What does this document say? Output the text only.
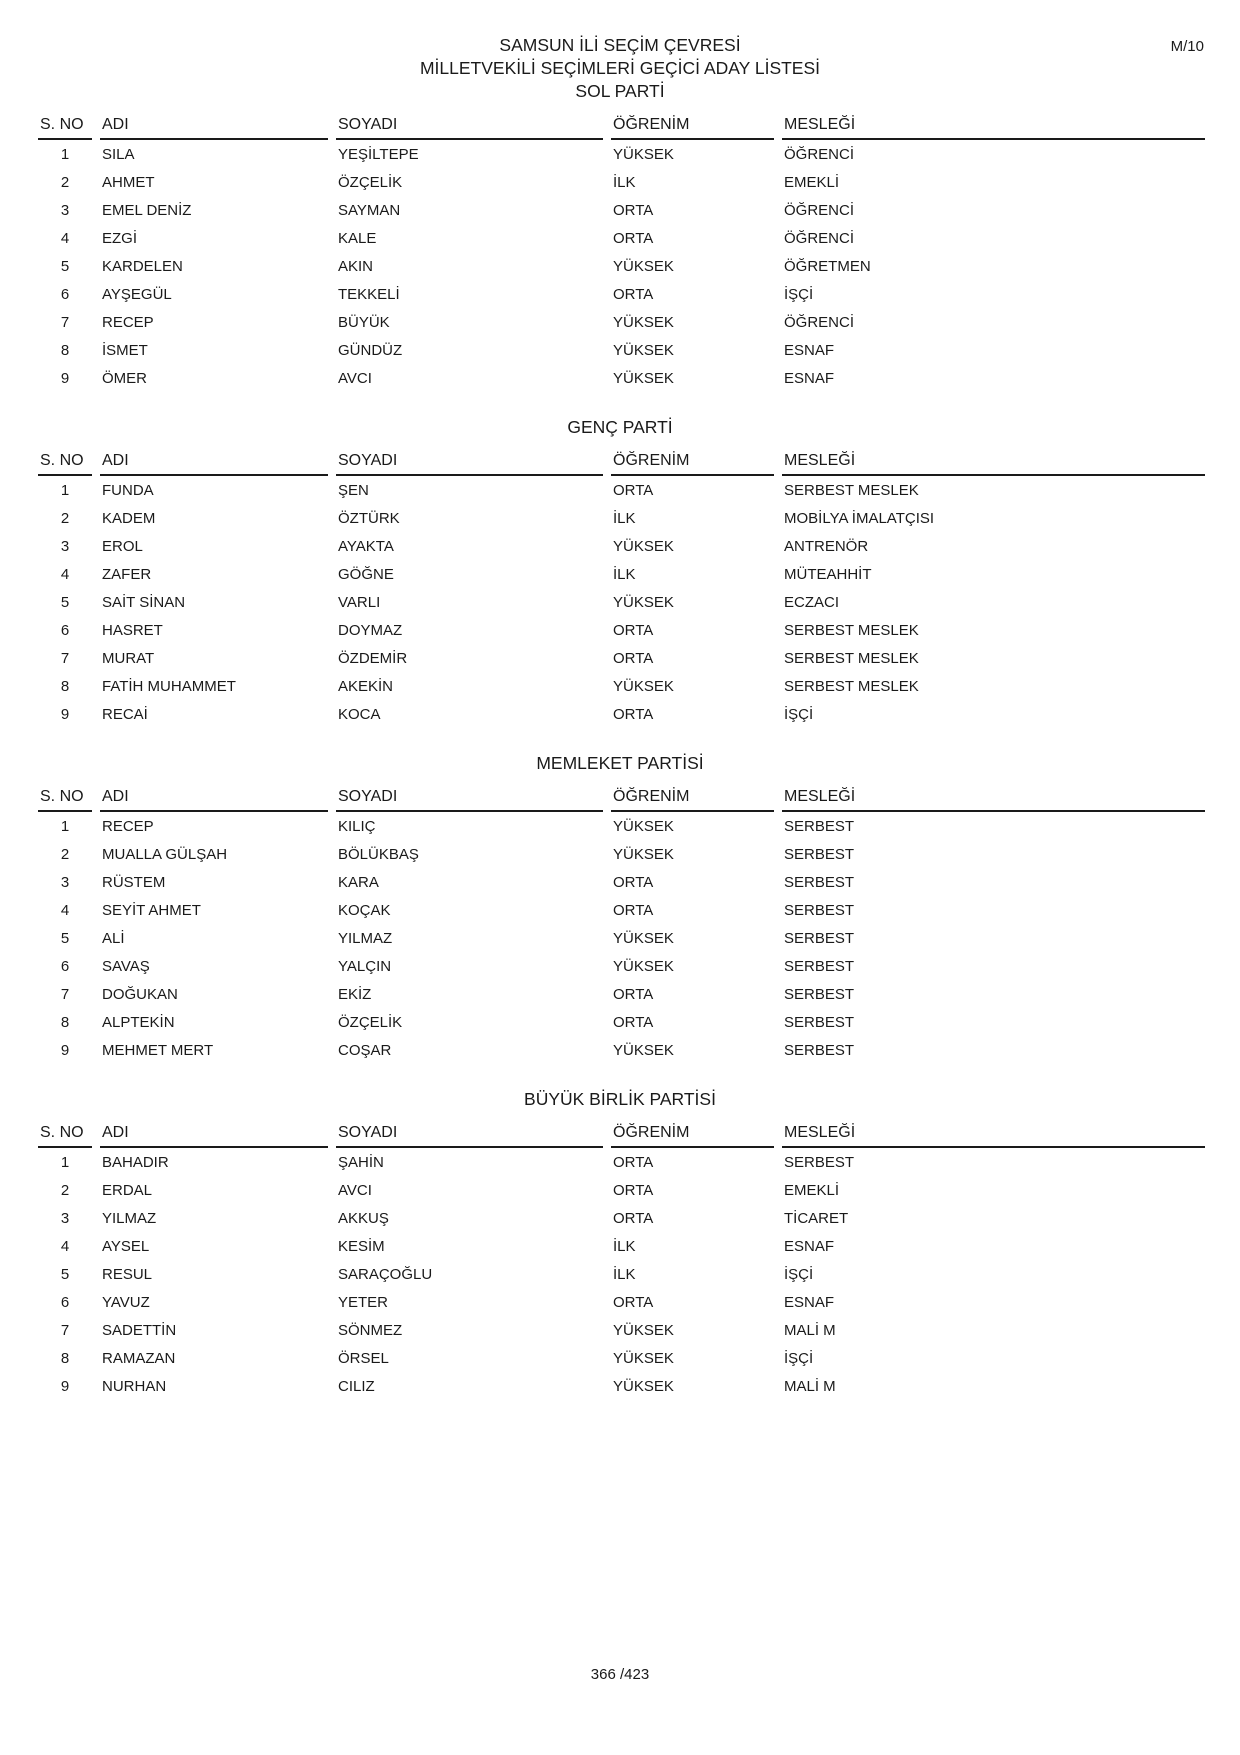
M/10
SAMSUN İLİ SEÇİM ÇEVRESİ
MİLLETVEKİLİ SEÇİMLERİ GEÇİCİ ADAY LİSTESİ
SOL PARTİ
S. NO	ADI	SOYADI	ÖĞRENİM	MESLEĞİ
1	SILA	YEŞİLTEPE	YÜKSEK	ÖĞRENCİ
2	AHMET	ÖZÇELİK	İLK	EMEKLİ
3	EMEL DENİZ	SAYMAN	ORTA	ÖĞRENCİ
4	EZGİ	KALE	ORTA	ÖĞRENCİ
5	KARDELEN	AKIN	YÜKSEK	ÖĞRETMEN
6	AYŞEGÜL	TEKKELİ	ORTA	İŞÇİ
7	RECEP	BÜYÜK	YÜKSEK	ÖĞRENCİ
8	İSMET	GÜNDÜZ	YÜKSEK	ESNAF
9	ÖMER	AVCI	YÜKSEK	ESNAF
GENÇ PARTİ
S. NO	ADI	SOYADI	ÖĞRENİM	MESLEĞİ
1	FUNDA	ŞEN	ORTA	SERBEST MESLEK
2	KADEM	ÖZTÜRK	İLK	MOBİLYA İMALATÇISI
3	EROL	AYAKTA	YÜKSEK	ANTRENÖR
4	ZAFER	GÖĞNE	İLK	MÜTEAHHİT
5	SAİT SİNAN	VARLI	YÜKSEK	ECZACI
6	HASRET	DOYMAZ	ORTA	SERBEST MESLEK
7	MURAT	ÖZDEMİR	ORTA	SERBEST MESLEK
8	FATİH MUHAMMET	AKEKİN	YÜKSEK	SERBEST MESLEK
9	RECAİ	KOCA	ORTA	İŞÇİ
MEMLEKET PARTİSİ
S. NO	ADI	SOYADI	ÖĞRENİM	MESLEĞİ
1	RECEP	KILIÇ	YÜKSEK	SERBEST
2	MUALLA GÜLŞAH	BÖLÜKBAŞ	YÜKSEK	SERBEST
3	RÜSTEM	KARA	ORTA	SERBEST
4	SEYİT AHMET	KOÇAK	ORTA	SERBEST
5	ALİ	YILMAZ	YÜKSEK	SERBEST
6	SAVAŞ	YALÇIN	YÜKSEK	SERBEST
7	DOĞUKAN	EKİZ	ORTA	SERBEST
8	ALPTEKİN	ÖZÇELİK	ORTA	SERBEST
9	MEHMET MERT	COŞAR	YÜKSEK	SERBEST
BÜYÜK BİRLİK PARTİSİ
S. NO	ADI	SOYADI	ÖĞRENİM	MESLEĞİ
1	BAHADIR	ŞAHİN	ORTA	SERBEST
2	ERDAL	AVCI	ORTA	EMEKLİ
3	YILMAZ	AKKUŞ	ORTA	TİCARET
4	AYSEL	KESİM	İLK	ESNAF
5	RESUL	SARAÇOĞLU	İLK	İŞÇİ
6	YAVUZ	YETER	ORTA	ESNAF
7	SADETTİN	SÖNMEZ	YÜKSEK	MALİ M
8	RAMAZAN	ÖRSEL	YÜKSEK	İŞÇİ
9	NURHAN	CILIZ	YÜKSEK	MALİ M
366 /423
